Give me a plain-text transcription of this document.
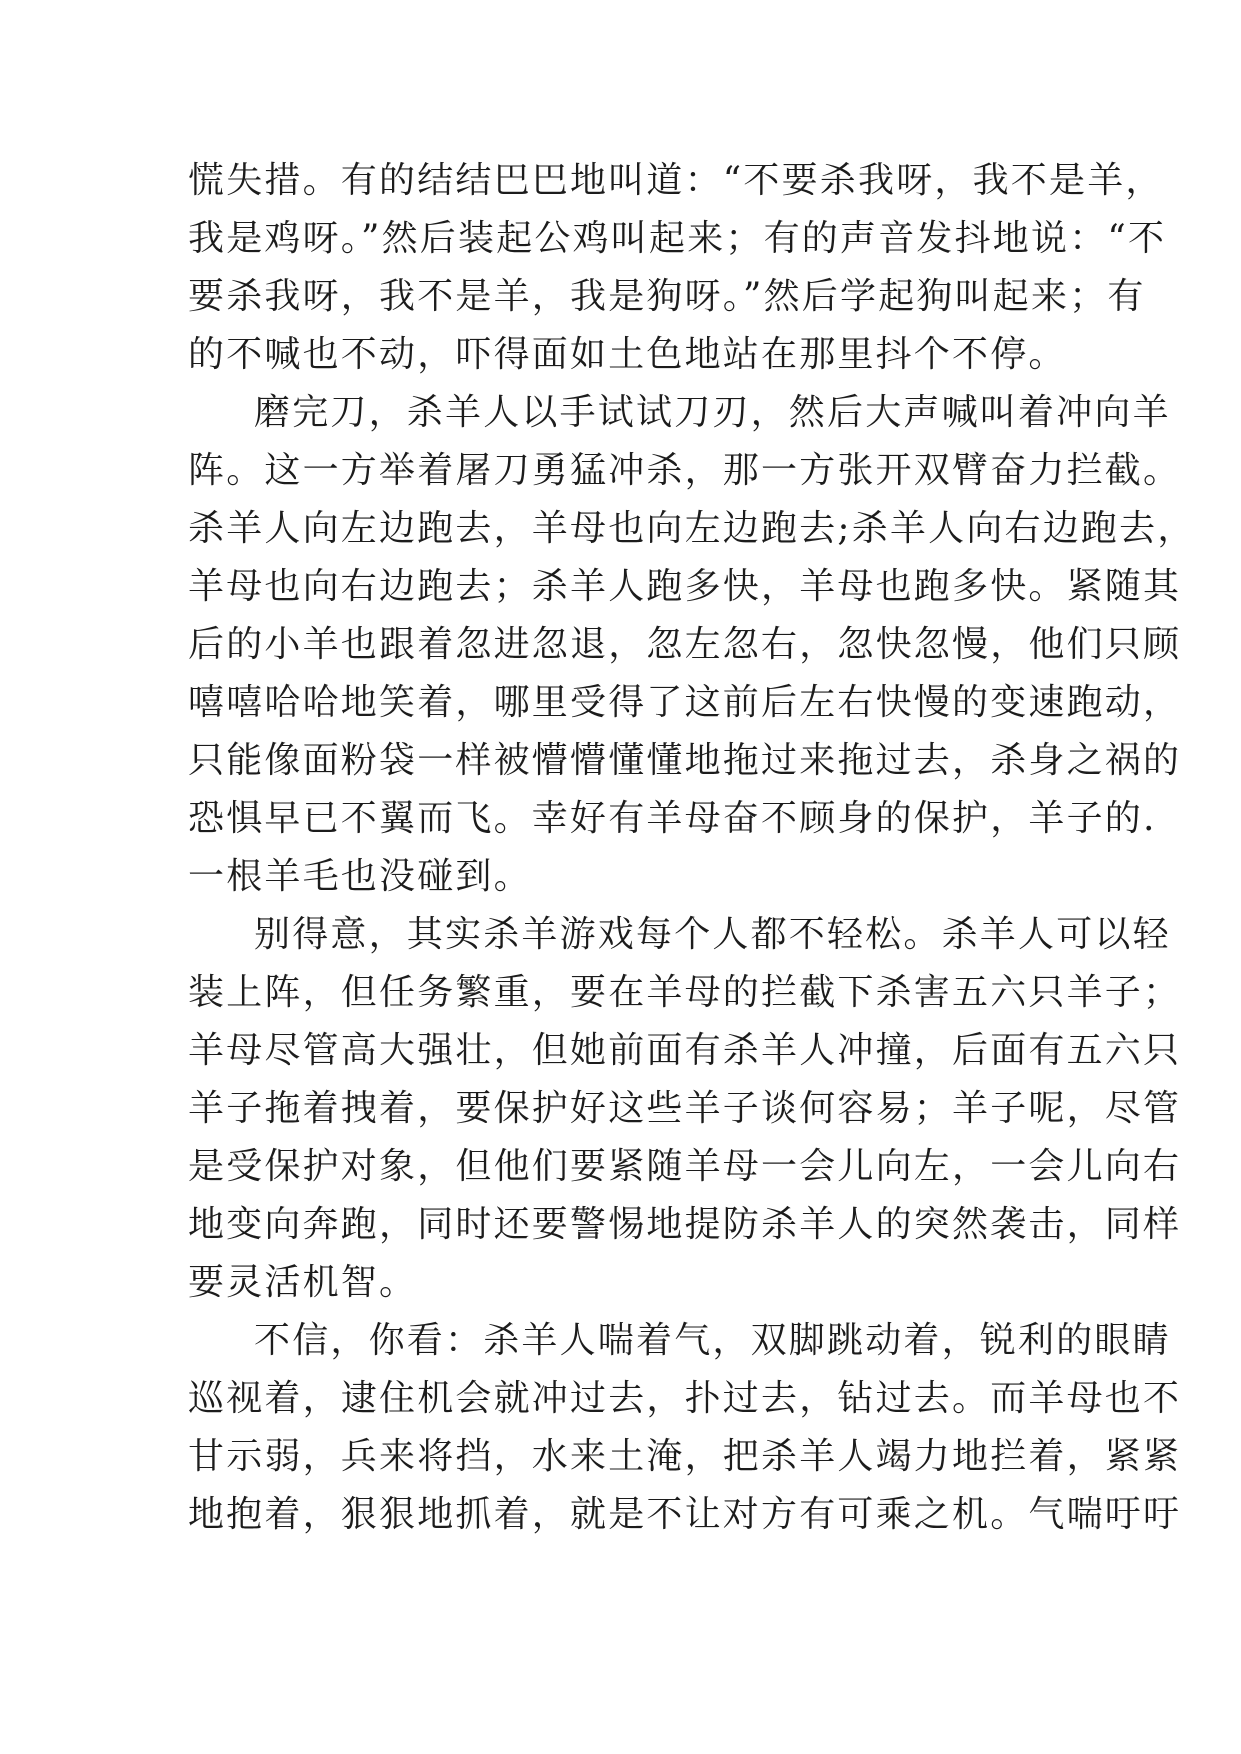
慌失措。有的结结巴巴地叫道：“不要杀我呀，我不是羊，
我是鸡呀。”然后装起公鸡叫起来；有的声音发抖地说：“不
要杀我呀，我不是羊，我是狗呀。”然后学起狗叫起来；有
的不喊也不动，吓得面如土色地站在那里抖个不停。
磨完刀，杀羊人以手试试刀刃，然后大声喊叫着冲向羊
阵。这一方举着屠刀勇猛冲杀，那一方张开双臂奋力拦截。
杀羊人向左边跑去，羊母也向左边跑去;杀羊人向右边跑去，
羊母也向右边跑去；杀羊人跑多快，羊母也跑多快。紧随其
后的小羊也跟着忽进忽退，忽左忽右，忽快忽慢，他们只顾
嘻嘻哈哈地笑着，哪里受得了这前后左右快慢的变速跑动，
只能像面粉袋一样被懵懵懂懂地拖过来拖过去，杀身之祸的
恐惧早已不翼而飞。幸好有羊母奋不顾身的保护，羊子的.
一根羊毛也没碰到。
别得意，其实杀羊游戏每个人都不轻松。杀羊人可以轻
装上阵，但任务繁重，要在羊母的拦截下杀害五六只羊子；
羊母尽管高大强壮，但她前面有杀羊人冲撞，后面有五六只
羊子拖着拽着，要保护好这些羊子谈何容易；羊子呢，尽管
是受保护对象，但他们要紧随羊母一会儿向左，一会儿向右
地变向奔跑，同时还要警惕地提防杀羊人的突然袭击，同样
要灵活机智。
不信，你看：杀羊人喘着气，双脚跳动着，锐利的眼睛
巡视着，逮住机会就冲过去，扑过去，钻过去。而羊母也不
甘示弱，兵来将挡，水来土淹，把杀羊人竭力地拦着，紧紧
地抱着，狠狠地抓着，就是不让对方有可乘之机。气喘吁吁
